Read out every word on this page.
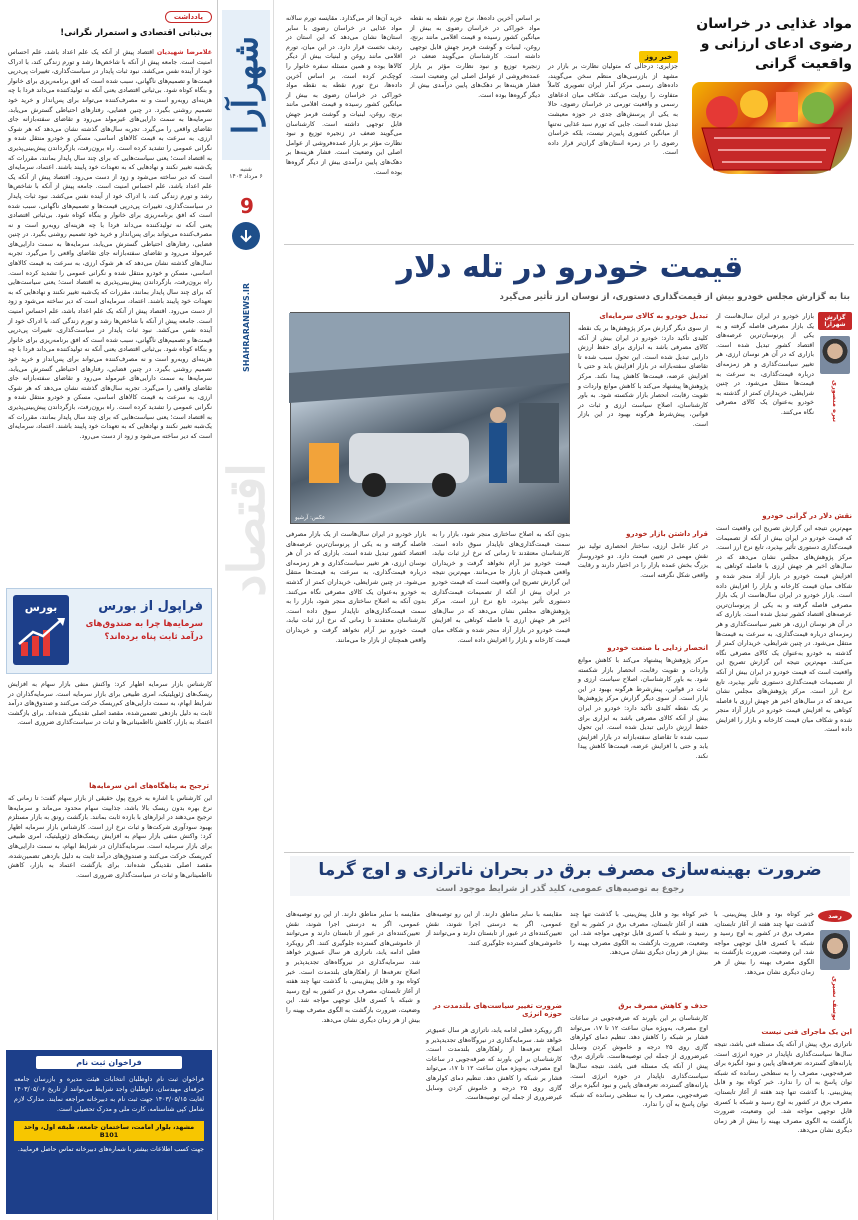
یادداشت
بی‌ثباتی اقتصادی و استمرار نگرانی!
غلامرضا شهیدیان اقتصاد پیش از آنکه یک علم اعداد باشد، علم احساس امنیت است. جامعه پیش از آنکه با شاخص‌ها رشد و تورم زندگی کند، با ادراک خود از آینده نفس می‌کشد. نبود ثبات پایدار در سیاست‌گذاری، تغییرات پی‌درپی قیمت‌ها و تصمیم‌های ناگهانی، سبب شده است که افق برنامه‌ریزی برای خانوار و بنگاه کوتاه شود. بی‌ثباتی اقتصادی یعنی آنکه نه تولیدکننده می‌داند فردا با چه هزینه‌ای روبه‌رو است و نه مصرف‌کننده می‌تواند برای پس‌انداز و خرید خود تصمیم روشنی بگیرد. در چنین فضایی، رفتارهای احتیاطی گسترش می‌یابد، سرمایه‌ها به سمت دارایی‌های غیرمولد می‌رود و تقاضای سفته‌بازانه جای تقاضای واقعی را می‌گیرد. تجربه سال‌های گذشته نشان می‌دهد که هر شوک ارزی، به سرعت به قیمت کالاهای اساسی، مسکن و خودرو منتقل شده و نگرانی عمومی را تشدید کرده است. راه برون‌رفت، بازگرداندن پیش‌بینی‌پذیری به اقتصاد است؛ یعنی سیاست‌هایی که برای چند سال پایدار بمانند، مقررات که یک‌شبه تغییر نکنند و نهادهایی که به تعهدات خود پایبند باشند. اعتماد، سرمایه‌ای است که دیر ساخته می‌شود و زود از دست می‌رود. اقتصاد پیش از آنکه یک علم اعداد باشد، علم احساس امنیت است. جامعه پیش از آنکه با شاخص‌ها رشد و تورم زندگی کند، با ادراک خود از آینده نفس می‌کشد. نبود ثبات پایدار در سیاست‌گذاری، تغییرات پی‌درپی قیمت‌ها و تصمیم‌های ناگهانی، سبب شده است که افق برنامه‌ریزی برای خانوار و بنگاه کوتاه شود. بی‌ثباتی اقتصادی یعنی آنکه نه تولیدکننده می‌داند فردا با چه هزینه‌ای روبه‌رو است و نه مصرف‌کننده می‌تواند برای پس‌انداز و خرید خود تصمیم روشنی بگیرد. در چنین فضایی، رفتارهای احتیاطی گسترش می‌یابد، سرمایه‌ها به سمت دارایی‌های غیرمولد می‌رود و تقاضای سفته‌بازانه جای تقاضای واقعی را می‌گیرد. تجربه سال‌های گذشته نشان می‌دهد که هر شوک ارزی، به سرعت به قیمت کالاهای اساسی، مسکن و خودرو منتقل شده و نگرانی عمومی را تشدید کرده است. راه برون‌رفت، بازگرداندن پیش‌بینی‌پذیری به اقتصاد است؛ یعنی سیاست‌هایی که برای چند سال پایدار بمانند، مقررات که یک‌شبه تغییر نکنند و نهادهایی که به تعهدات خود پایبند باشند. اعتماد، سرمایه‌ای است که دیر ساخته می‌شود و زود از دست می‌رود. اقتصاد پیش از آنکه یک علم اعداد باشد، علم احساس امنیت است. جامعه پیش از آنکه با شاخص‌ها رشد و تورم زندگی کند، با ادراک خود از آینده نفس می‌کشد. نبود ثبات پایدار در سیاست‌گذاری، تغییرات پی‌درپی قیمت‌ها و تصمیم‌های ناگهانی، سبب شده است که افق برنامه‌ریزی برای خانوار و بنگاه کوتاه شود. بی‌ثباتی اقتصادی یعنی آنکه نه تولیدکننده می‌داند فردا با چه هزینه‌ای روبه‌رو است و نه مصرف‌کننده می‌تواند برای پس‌انداز و خرید خود تصمیم روشنی بگیرد. در چنین فضایی، رفتارهای احتیاطی گسترش می‌یابد، سرمایه‌ها به سمت دارایی‌های غیرمولد می‌رود و تقاضای سفته‌بازانه جای تقاضای واقعی را می‌گیرد. تجربه سال‌های گذشته نشان می‌دهد که هر شوک ارزی، به سرعت به قیمت کالاهای اساسی، مسکن و خودرو منتقل شده و نگرانی عمومی را تشدید کرده است. راه برون‌رفت، بازگرداندن پیش‌بینی‌پذیری به اقتصاد است؛ یعنی سیاست‌هایی که برای چند سال پایدار بمانند، مقررات که یک‌شبه تغییر نکنند و نهادهایی که به تعهدات خود پایبند باشند. اعتماد، سرمایه‌ای است که دیر ساخته می‌شود و زود از دست می‌رود.
بورس	فراپول از بورس
سرمایه‌ها چرا به صندوق‌های درآمد ثابت پناه برده‌اند؟
کارشناس بازار سرمایه اظهار کرد: واکنش منفی بازار سهام به افزایش ریسک‌های ژئوپلیتیک، امری طبیعی برای بازار سرمایه است. سرمایه‌گذاران در شرایط ابهام، به سمت دارایی‌های کم‌ریسک حرکت می‌کنند و صندوق‌های درآمد ثابت به دلیل بازدهی تضمین‌شده، مقصد اصلی نقدینگی شده‌اند. برای بازگشت اعتماد به بازار، کاهش نااطمینانی‌ها و ثبات در سیاست‌گذاری ضروری است.
ترجیح به پناهگاه‌های امن سرمایه‌ها
این کارشناس با اشاره به خروج پول حقیقی از بازار سهام گفت: تا زمانی که نرخ بهره بدون ریسک بالا باشد، جذابیت سهام محدود می‌ماند و سرمایه‌ها ترجیح می‌دهند در ابزارهای با بازده ثابت بمانند. بازگشت رونق به بازار مستلزم بهبود سودآوری شرکت‌ها و ثبات نرخ ارز است. کارشناس بازار سرمایه اظهار کرد: واکنش منفی بازار سهام به افزایش ریسک‌های ژئوپلیتیک، امری طبیعی برای بازار سرمایه است. سرمایه‌گذاران در شرایط ابهام، به سمت دارایی‌های کم‌ریسک حرکت می‌کنند و صندوق‌های درآمد ثابت به دلیل بازدهی تضمین‌شده، مقصد اصلی نقدینگی شده‌اند. برای بازگشت اعتماد به بازار، کاهش نااطمینانی‌ها و ثبات در سیاست‌گذاری ضروری است.
فراخوان ثبت نام
فراخوان ثبت نام داوطلبان انتخابات هیئت مدیره و بازرسان جامعه حرفه‌ای مهندسان، داوطلبان واجد شرایط می‌توانند از تاریخ ۱۴۰۳/۰۵/۰۶ لغایت ۱۴۰۳/۰۵/۱۵ جهت ثبت نام به دبیرخانه مراجعه نمایند. مدارک لازم شامل کپی شناسنامه، کارت ملی و مدرک تحصیلی است.
مشهد، بلوار امامت، ساختمان جامعه، طبقه اول، واحد B101
جهت کسب اطلاعات بیشتر با شماره‌های دبیرخانه تماس حاصل فرمایید.
شهرآرا
شنبه
۶ مرداد ۱۴۰۳
9
SHAHRARANEWS.IR
اقتصاد
مواد غذایی در خراسان رضوی ادعای ارزانی و واقعیت گرانی
خبر روز
جزایری: درحالی که متولیان نظارت بر بازار در مشهد از بازرسی‌های منظم سخن می‌گویند، داده‌های رسمی مرکز آمار ایران تصویری کاملاً متفاوت را روایت می‌کند. شکاف میان ادعاهای رسمی و واقعیت تورمی در خراسان رضوی، حالا به یکی از پرسش‌های جدی در حوزه معیشت تبدیل شده است. جایی که تورم سبد غذایی نه‌تنها از میانگین کشوری پایین‌تر نیست، بلکه خراسان رضوی را در زمره استان‌های گران‌تر قرار داده است.
بر اساس آخرین داده‌ها، نرخ تورم نقطه به نقطه مواد خوراکی در خراسان رضوی به بیش از میانگین کشور رسیده و قیمت اقلامی مانند برنج، روغن، لبنیات و گوشت قرمز جهش قابل توجهی داشته است. کارشناسان می‌گویند ضعف در زنجیره توزیع و نبود نظارت مؤثر بر بازار عمده‌فروشی از عوامل اصلی این وضعیت است. فشار هزینه‌ها بر دهک‌های پایین درآمدی بیش از دیگر گروه‌ها بوده است.
خرید آن‌ها اثر می‌گذارد. مقایسه تورم سالانه مواد غذایی در خراسان رضوی با سایر استان‌ها نشان می‌دهد که این استان در ردیف نخست قرار دارد. در این میان، تورم اقلامی مانند روغن و لبنیات بیش از دیگر کالاها بوده و همین مسئله سفره خانوار را کوچک‌تر کرده است. بر اساس آخرین داده‌ها، نرخ تورم نقطه به نقطه مواد خوراکی در خراسان رضوی به بیش از میانگین کشور رسیده و قیمت اقلامی مانند برنج، روغن، لبنیات و گوشت قرمز جهش قابل توجهی داشته است. کارشناسان می‌گویند ضعف در زنجیره توزیع و نبود نظارت مؤثر بر بازار عمده‌فروشی از عوامل اصلی این وضعیت است. فشار هزینه‌ها بر دهک‌های پایین درآمدی بیش از دیگر گروه‌ها بوده است.
قیمت خودرو در تله دلار
بنا به گزارش مجلس خودرو بیش از قیمت‌گذاری دستوری، از نوسان ارز تأثیر می‌گیرد
گزارش شهرآرا
نیره منصوری
بازار خودرو در ایران سال‌هاست از یک بازار مصرفی فاصله گرفته و به یکی از پرنوسان‌ترین عرصه‌های اقتصاد کشور تبدیل شده است. بازاری که در آن هر نوسان ارزی، هر تغییر سیاست‌گذاری و هر زمزمه‌ای درباره قیمت‌گذاری، به سرعت به قیمت‌ها منتقل می‌شود. در چنین شرایطی، خریداران کمتر از گذشته به خودرو به‌عنوان یک کالای مصرفی نگاه می‌کنند.
نقش دلار در گرانی خودرو
مهم‌ترین نتیجه این گزارش تصریح این واقعیت است که قیمت خودرو در ایران بیش از آنکه از تصمیمات قیمت‌گذاری دستوری تأثیر بپذیرد، تابع نرخ ارز است. مرکز پژوهش‌های مجلس نشان می‌دهد که در سال‌های اخیر هر جهش ارزی با فاصله کوتاهی به افزایش قیمت خودرو در بازار آزاد منجر شده و شکاف میان قیمت کارخانه و بازار را افزایش داده است. بازار خودرو در ایران سال‌هاست از یک بازار مصرفی فاصله گرفته و به یکی از پرنوسان‌ترین عرصه‌های اقتصاد کشور تبدیل شده است. بازاری که در آن هر نوسان ارزی، هر تغییر سیاست‌گذاری و هر زمزمه‌ای درباره قیمت‌گذاری، به سرعت به قیمت‌ها منتقل می‌شود. در چنین شرایطی، خریداران کمتر از گذشته به خودرو به‌عنوان یک کالای مصرفی نگاه می‌کنند. مهم‌ترین نتیجه این گزارش تصریح این واقعیت است که قیمت خودرو در ایران بیش از آنکه از تصمیمات قیمت‌گذاری دستوری تأثیر بپذیرد، تابع نرخ ارز است. مرکز پژوهش‌های مجلس نشان می‌دهد که در سال‌های اخیر هر جهش ارزی با فاصله کوتاهی به افزایش قیمت خودرو در بازار آزاد منجر شده و شکاف میان قیمت کارخانه و بازار را افزایش داده است.
تبدیل خودرو به کالای سرمایه‌ای
از سوی دیگر گزارش مرکز پژوهش‌ها بر یک نقطه کلیدی تأکید دارد: خودرو در ایران بیش از آنکه کالای مصرفی باشد به ابزاری برای حفظ ارزش دارایی تبدیل شده است. این تحول سبب شده تا تقاضای سفته‌بازانه در بازار افزایش یابد و حتی با افزایش عرضه، قیمت‌ها کاهش پیدا نکند. مرکز پژوهش‌ها پیشنهاد می‌کند با کاهش موانع واردات و تقویت رقابت، انحصار بازار شکسته شود. به باور کارشناسان، اصلاح سیاست ارزی و ثبات در قوانین، پیش‌شرط هرگونه بهبود در این بازار است.
عکس: آرشیو
قرار داشتن بازار خودرو
در کنار عامل ارزی، ساختار انحصاری تولید نیز نقش مهمی در تعیین قیمت دارد. دو خودروساز بزرگ بخش عمده بازار را در اختیار دارند و رقابت واقعی شکل نگرفته است.
انحصار زدایی با صنعت خودرو
مرکز پژوهش‌ها پیشنهاد می‌کند با کاهش موانع واردات و تقویت رقابت، انحصار بازار شکسته شود. به باور کارشناسان، اصلاح سیاست ارزی و ثبات در قوانین، پیش‌شرط هرگونه بهبود در این بازار است. از سوی دیگر گزارش مرکز پژوهش‌ها بر یک نقطه کلیدی تأکید دارد: خودرو در ایران بیش از آنکه کالای مصرفی باشد به ابزاری برای حفظ ارزش دارایی تبدیل شده است. این تحول سبب شده تا تقاضای سفته‌بازانه در بازار افزایش یابد و حتی با افزایش عرضه، قیمت‌ها کاهش پیدا نکند.
بدون آنکه به اصلاح ساختاری منجر شود، بازار را به سمت قیمت‌گذاری‌های ناپایدار سوق داده است. کارشناسان معتقدند تا زمانی که نرخ ارز ثبات نیابد، قیمت خودرو نیز آرام نخواهد گرفت و خریداران واقعی همچنان از بازار جا می‌مانند. مهم‌ترین نتیجه این گزارش تصریح این واقعیت است که قیمت خودرو در ایران بیش از آنکه از تصمیمات قیمت‌گذاری دستوری تأثیر بپذیرد، تابع نرخ ارز است. مرکز پژوهش‌های مجلس نشان می‌دهد که در سال‌های اخیر هر جهش ارزی با فاصله کوتاهی به افزایش قیمت خودرو در بازار آزاد منجر شده و شکاف میان قیمت کارخانه و بازار را افزایش داده است.
بازار خودرو در ایران سال‌هاست از یک بازار مصرفی فاصله گرفته و به یکی از پرنوسان‌ترین عرصه‌های اقتصاد کشور تبدیل شده است. بازاری که در آن هر نوسان ارزی، هر تغییر سیاست‌گذاری و هر زمزمه‌ای درباره قیمت‌گذاری، به سرعت به قیمت‌ها منتقل می‌شود. در چنین شرایطی، خریداران کمتر از گذشته به خودرو به‌عنوان یک کالای مصرفی نگاه می‌کنند. بدون آنکه به اصلاح ساختاری منجر شود، بازار را به سمت قیمت‌گذاری‌های ناپایدار سوق داده است. کارشناسان معتقدند تا زمانی که نرخ ارز ثبات نیابد، قیمت خودرو نیز آرام نخواهد گرفت و خریداران واقعی همچنان از بازار جا می‌مانند.
ضرورت بهینه‌سازی مصرف برق در بحران ناترازی و اوج گرما
رجوع به توصیه‌های عمومی، کلید گذر از شرایط موجود است
رصد
یوسف نصیری
خبر کوتاه بود و قابل پیش‌بینی. با گذشت تنها چند هفته از آغاز تابستان، مصرف برق در کشور به اوج رسید و شبکه با کسری قابل توجهی مواجه شد. این وضعیت، ضرورت بازگشت به الگوی مصرف بهینه را بیش از هر زمان دیگری نشان می‌دهد.
این یک ماجرای فنی نیست
ناترازی برق، پیش از آنکه یک مسئله فنی باشد، نتیجه سال‌ها سیاست‌گذاری ناپایدار در حوزه انرژی است. یارانه‌های گسترده، تعرفه‌های پایین و نبود انگیزه برای صرفه‌جویی، مصرف را به سطحی رسانده که شبکه توان پاسخ به آن را ندارد. خبر کوتاه بود و قابل پیش‌بینی. با گذشت تنها چند هفته از آغاز تابستان، مصرف برق در کشور به اوج رسید و شبکه با کسری قابل توجهی مواجه شد. این وضعیت، ضرورت بازگشت به الگوی مصرف بهینه را بیش از هر زمان دیگری نشان می‌دهد.
خبر کوتاه بود و قابل پیش‌بینی. با گذشت تنها چند هفته از آغاز تابستان، مصرف برق در کشور به اوج رسید و شبکه با کسری قابل توجهی مواجه شد. این وضعیت، ضرورت بازگشت به الگوی مصرف بهینه را بیش از هر زمان دیگری نشان می‌دهد.
حذف و کاهش مصرف برق
کارشناسان بر این باورند که صرفه‌جویی در ساعات اوج مصرف، به‌ویژه میان ساعت ۱۲ تا ۱۷، می‌تواند فشار بر شبکه را کاهش دهد. تنظیم دمای کولرهای گازی روی ۲۵ درجه و خاموش کردن وسایل غیرضروری از جمله این توصیه‌هاست. ناترازی برق، پیش از آنکه یک مسئله فنی باشد، نتیجه سال‌ها سیاست‌گذاری ناپایدار در حوزه انرژی است. یارانه‌های گسترده، تعرفه‌های پایین و نبود انگیزه برای صرفه‌جویی، مصرف را به سطحی رسانده که شبکه توان پاسخ به آن را ندارد.
مقایسه با سایر مناطق دارند. از این رو توصیه‌های عمومی، اگر به درستی اجرا شوند، نقش تعیین‌کننده‌ای در عبور از تابستان دارند و می‌توانند از خاموشی‌های گسترده جلوگیری کنند.
ضرورت تغییر سیاست‌های بلندمدت در حوزه انرژی
اگر رویکرد فعلی ادامه یابد، ناترازی هر سال عمیق‌تر خواهد شد. سرمایه‌گذاری در نیروگاه‌های تجدیدپذیر و اصلاح تعرفه‌ها از راهکارهای بلندمدت است. کارشناسان بر این باورند که صرفه‌جویی در ساعات اوج مصرف، به‌ویژه میان ساعت ۱۲ تا ۱۷، می‌تواند فشار بر شبکه را کاهش دهد. تنظیم دمای کولرهای گازی روی ۲۵ درجه و خاموش کردن وسایل غیرضروری از جمله این توصیه‌هاست.
مقایسه با سایر مناطق دارند. از این رو توصیه‌های عمومی، اگر به درستی اجرا شوند، نقش تعیین‌کننده‌ای در عبور از تابستان دارند و می‌توانند از خاموشی‌های گسترده جلوگیری کنند. اگر رویکرد فعلی ادامه یابد، ناترازی هر سال عمیق‌تر خواهد شد. سرمایه‌گذاری در نیروگاه‌های تجدیدپذیر و اصلاح تعرفه‌ها از راهکارهای بلندمدت است. خبر کوتاه بود و قابل پیش‌بینی. با گذشت تنها چند هفته از آغاز تابستان، مصرف برق در کشور به اوج رسید و شبکه با کسری قابل توجهی مواجه شد. این وضعیت، ضرورت بازگشت به الگوی مصرف بهینه را بیش از هر زمان دیگری نشان می‌دهد.
